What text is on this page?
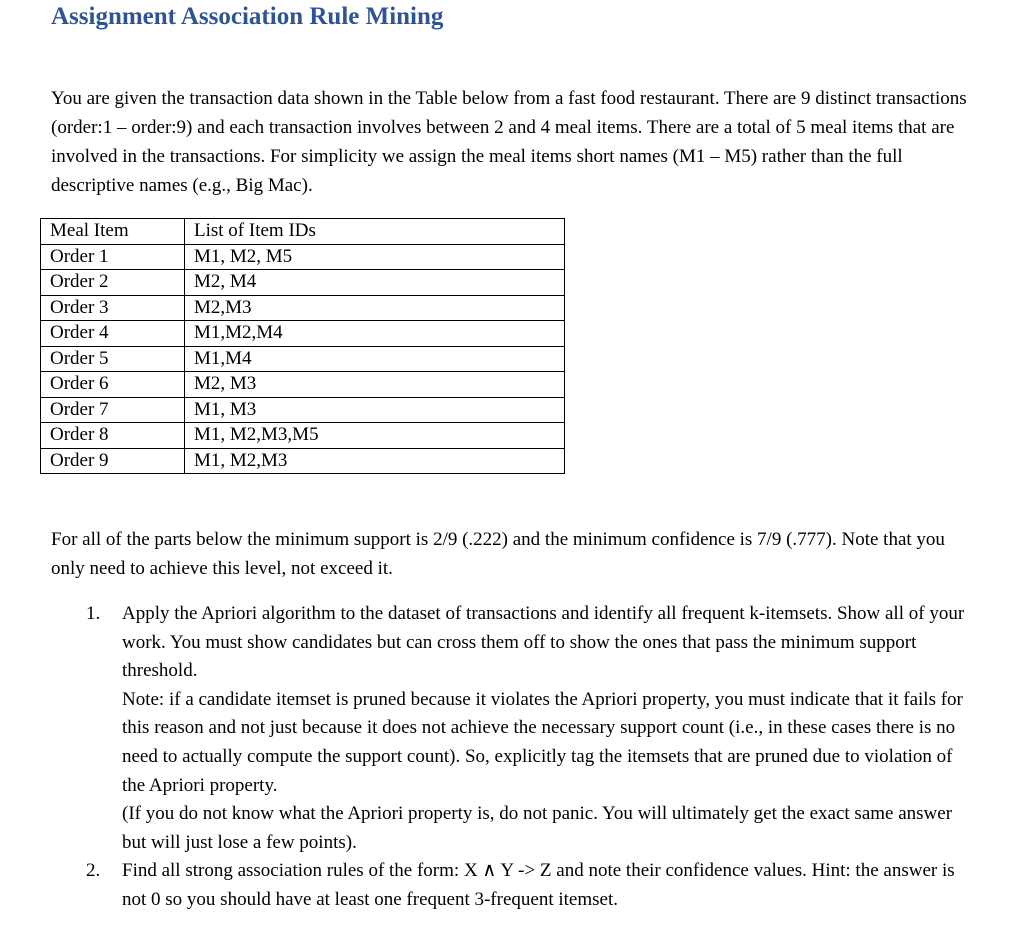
Assignment Association Rule Mining

You are given the transaction data shown in the Table below from a fast food restaurant. There are 9 distinct transactions (order:1 – order:9) and each transaction involves between 2 and 4 meal items. There are a total of 5 meal items that are involved in the transactions. For simplicity we assign the meal items short names (M1 – M5) rather than the full descriptive names (e.g., Big Mac).

Meal Item	List of Item IDs
Order 1	M1, M2, M5
Order 2	M2, M4
Order 3	M2,M3
Order 4	M1,M2,M4
Order 5	M1,M4
Order 6	M2, M3
Order 7	M1, M3
Order 8	M1, M2,M3,M5
Order 9	M1, M2,M3

For all of the parts below the minimum support is 2/9 (.222) and the minimum confidence is 7/9 (.777). Note that you only need to achieve this level, not exceed it.

1. Apply the Apriori algorithm to the dataset of transactions and identify all frequent k-itemsets. Show all of your work. You must show candidates but can cross them off to show the ones that pass the minimum support threshold.

Note: if a candidate itemset is pruned because it violates the Apriori property, you must indicate that it fails for this reason and not just because it does not achieve the necessary support count (i.e., in these cases there is no need to actually compute the support count). So, explicitly tag the itemsets that are pruned due to violation of the Apriori property.

(If you do not know what the Apriori property is, do not panic. You will ultimately get the exact same answer but will just lose a few points).

2. Find all strong association rules of the form: X ∧ Y -> Z and note their confidence values. Hint: the answer is not 0 so you should have at least one frequent 3-frequent itemset.
